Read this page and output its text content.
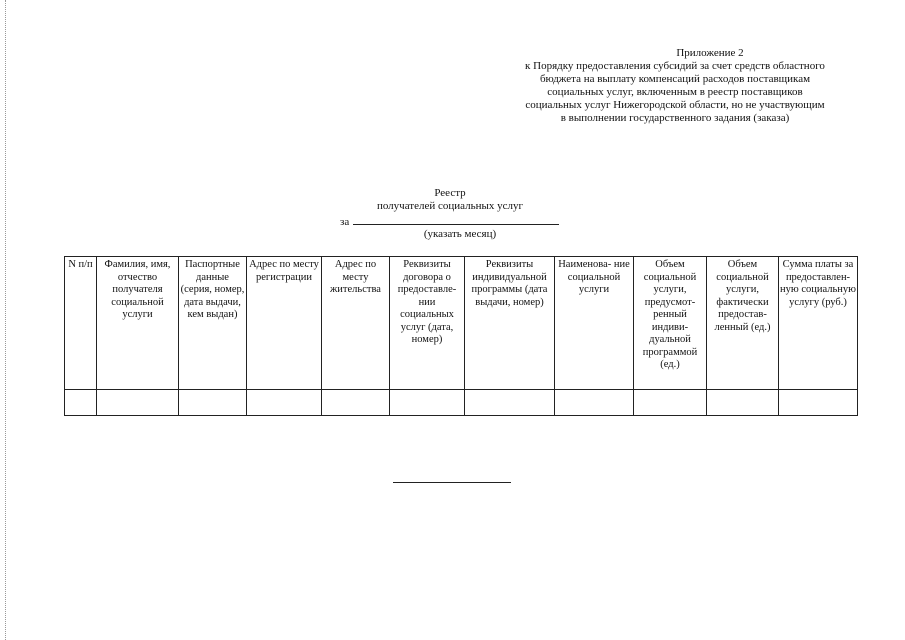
Приложение 2
к Порядку предоставления субсидий за счет средств областного
бюджета на выплату компенсаций расходов поставщикам
социальных услуг, включенным в реестр поставщиков
социальных услуг Нижегородской области, но не участвующим
в выполнении государственного задания (заказа)
Реестр
получателей социальных услуг
за
(указать месяц)
N п/п	Фамилия, имя, отчество получателя социальной услуги	Паспортные данные (серия, номер, дата выдачи, кем выдан)	Адрес по месту регистрации	Адрес по месту жительства	Реквизиты договора о предоставле- нии социальных услуг (дата, номер)	Реквизиты индивидуальной программы (дата выдачи, номер)	Наименова- ние социальной услуги	Объем социальной услуги, предусмот- ренный индиви- дуальной программой (ед.)	Объем социальной услуги, фактически предостав- ленный (ед.)	Сумма платы за предоставлен- ную социальную услугу (руб.)
